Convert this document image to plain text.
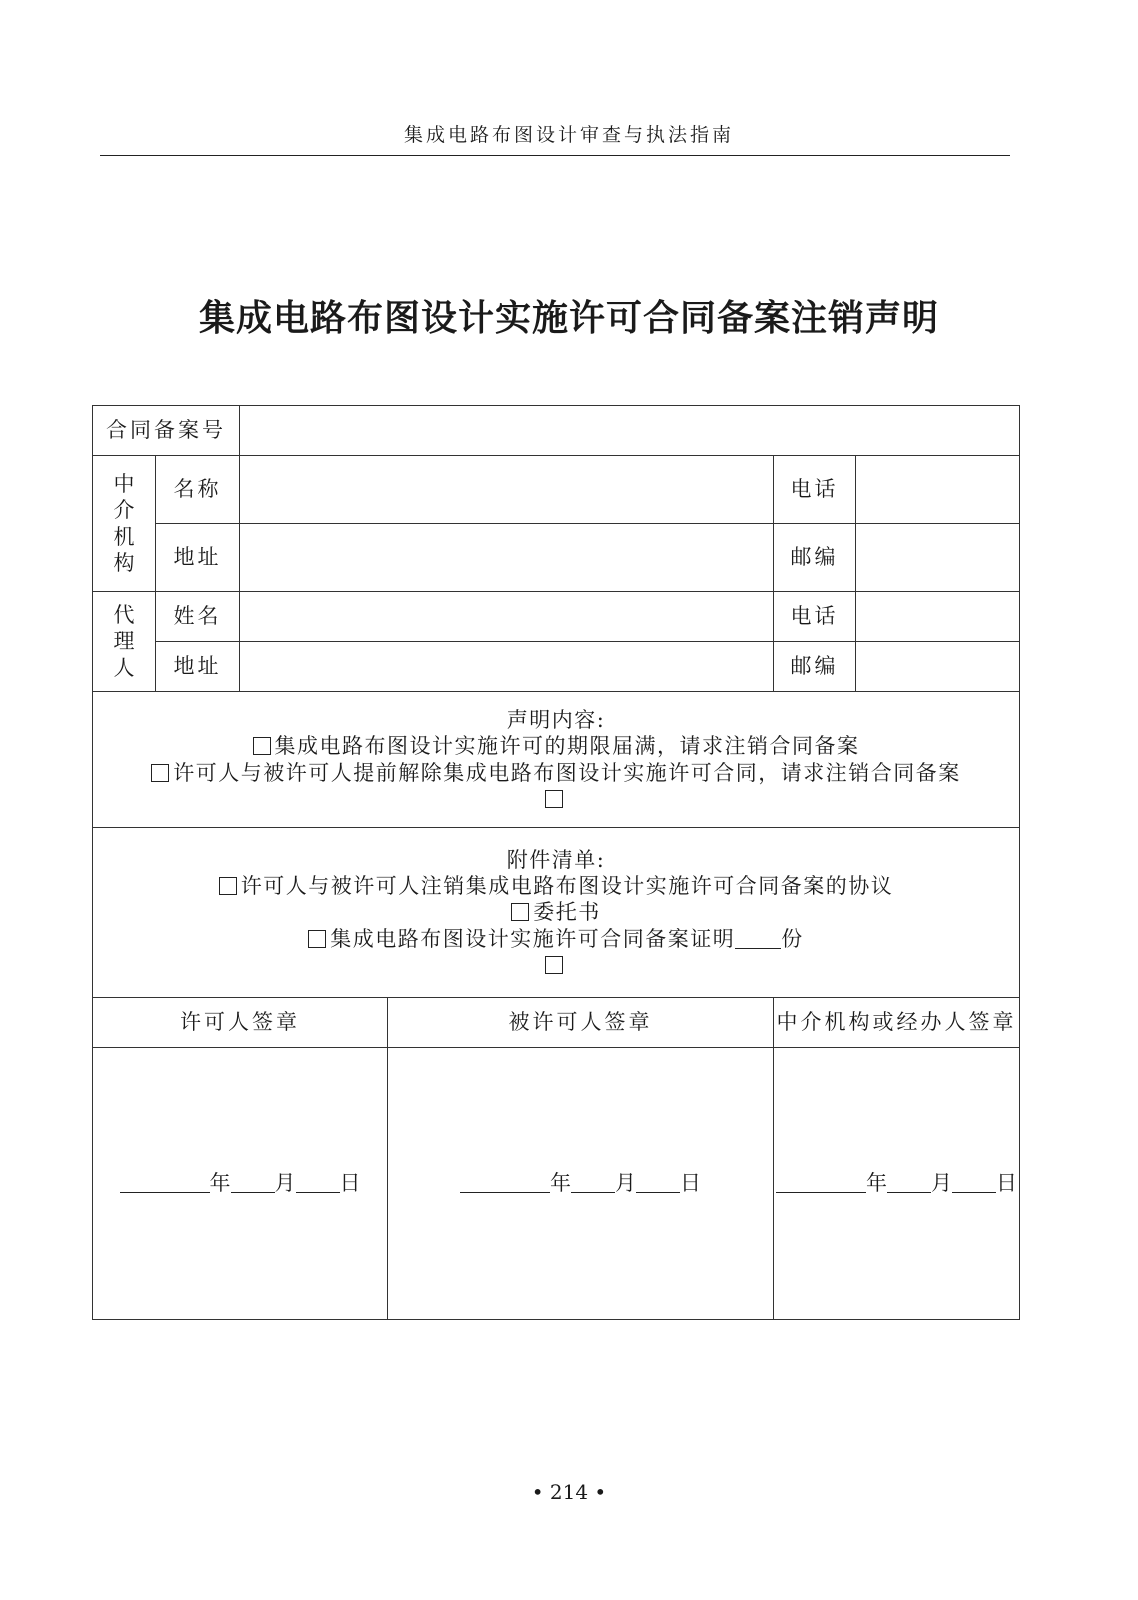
集成电路布图设计审查与执法指南
集成电路布图设计实施许可合同备案注销声明
合同备案号					

中
介
机
构	名称			电话	
	地址			邮编	

代
理
人	姓名			电话	
	地址			邮编	

声明内容:
集成电路布图设计实施许可的期限届满，请求注销合同备案
许可人与被许可人提前解除集成电路布图设计实施许可合同，请求注销合同备案					

附件清单:
许可人与被许可人注销集成电路布图设计实施许可合同备案的协议
委托书
集成电路布图设计实施许可合同备案证明 份					

许可人签章			被许可人签章	中介机构或经办人签章	

年 月 日			年 月 日	年 月 日	
• 214 •
